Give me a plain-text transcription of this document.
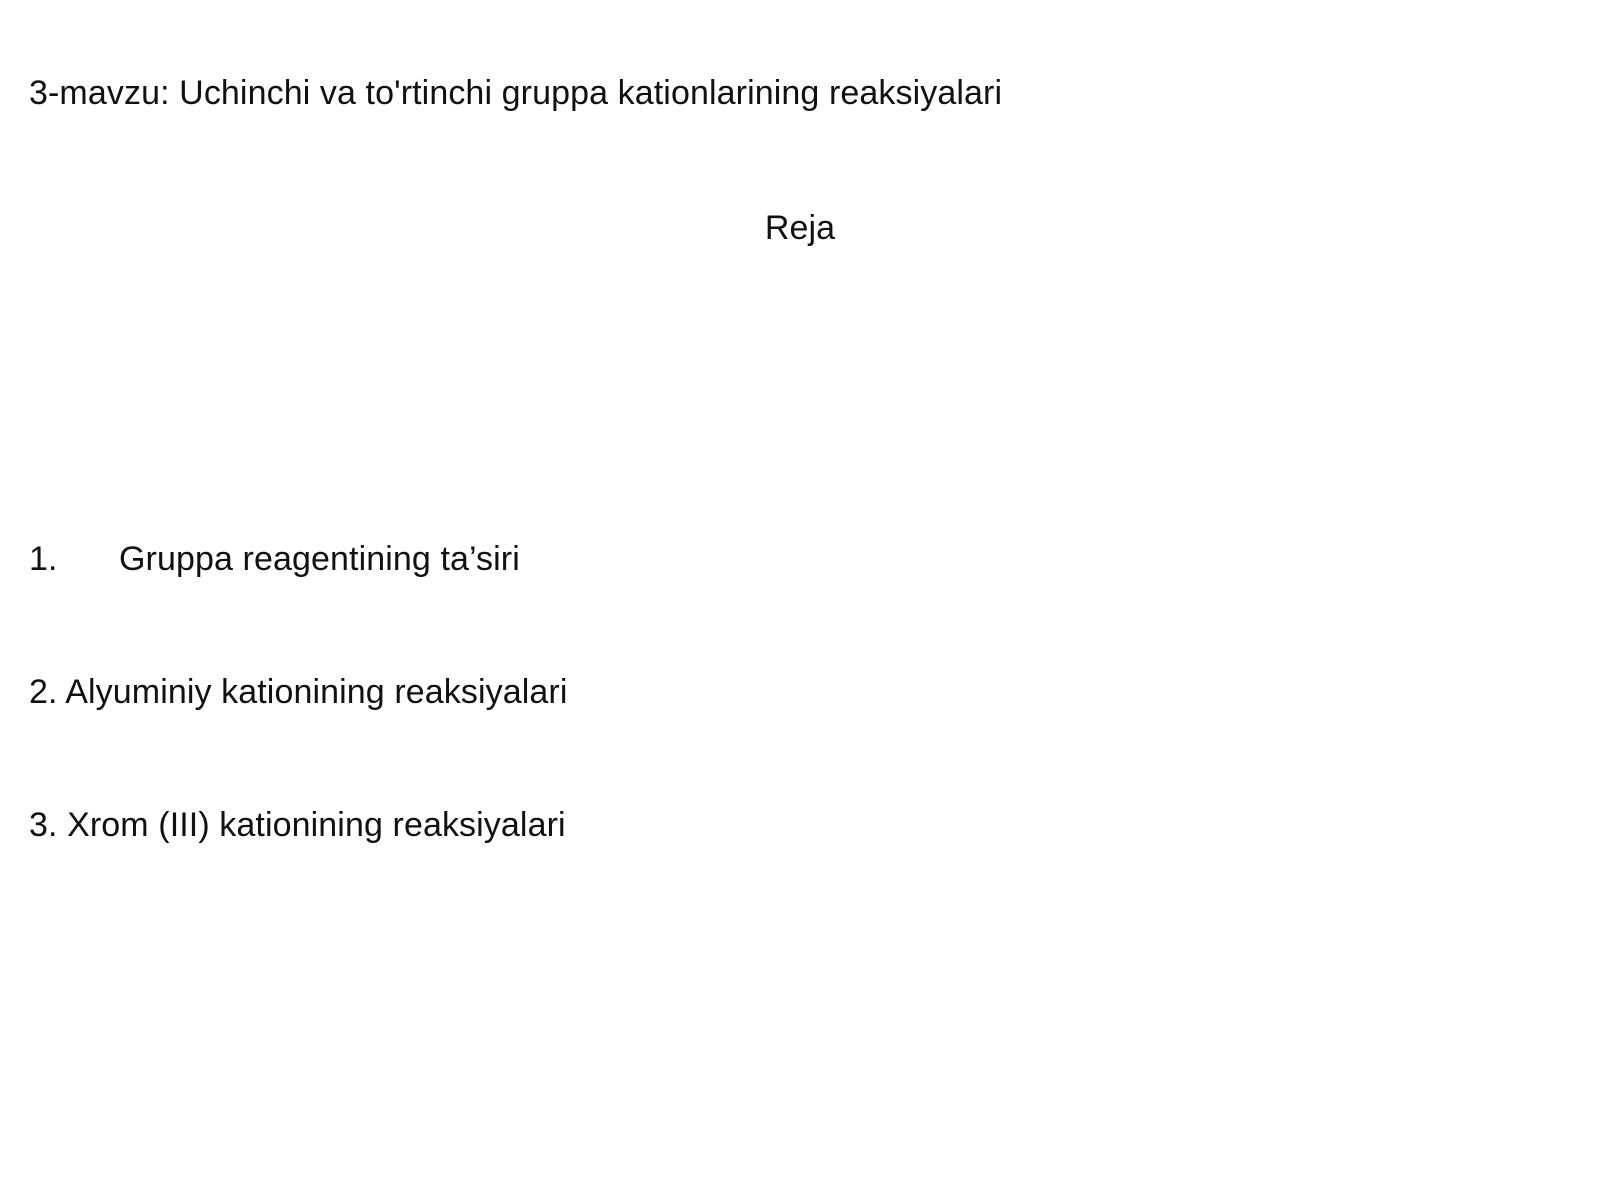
3-mavzu: Uchinchi va to'rtinchi gruppa kationlarining reaksiyalari
Reja
1. Gruppa reagentining ta’siri
2. Alyuminiy kationining reaksiyalari
3. Xrom (III) kationining reaksiyalari
